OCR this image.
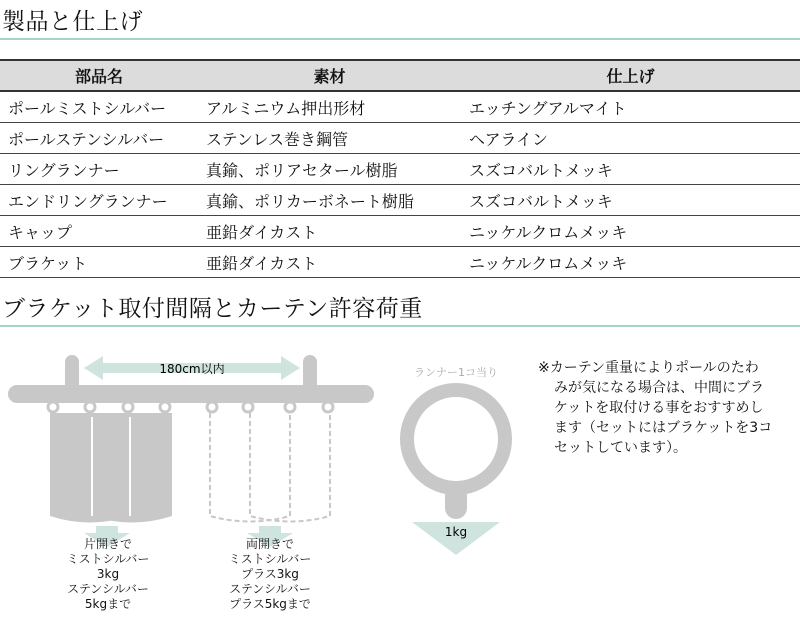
製品と仕上げ
部品名	素材	仕上げ
ポールミストシルバー	アルミニウム押出形材	エッチングアルマイト
ポールステンシルバー	ステンレス巻き鋼管	ヘアライン
リングランナー	真鍮、ポリアセタール樹脂	スズコバルトメッキ
エンドリングランナー	真鍮、ポリカーボネート樹脂	スズコバルトメッキ
キャップ	亜鉛ダイカスト	ニッケルクロムメッキ
ブラケット	亜鉛ダイカスト	ニッケルクロムメッキ
ブラケット取付間隔とカーテン許容荷重
180cm以内	ランナー1コ当り
1kg
片開きで
ミストシルバー
3kg
ステンシルバー
5kgまで
両開きで
ミストシルバー
プラス3kg
ステンシルバー
プラス5kgまで
※カーテン重量によりポールのたわ
みが気になる場合は、中間にブラ
ケットを取付ける事をおすすめし
ます（セットにはブラケットを3コ
セットしています）。
